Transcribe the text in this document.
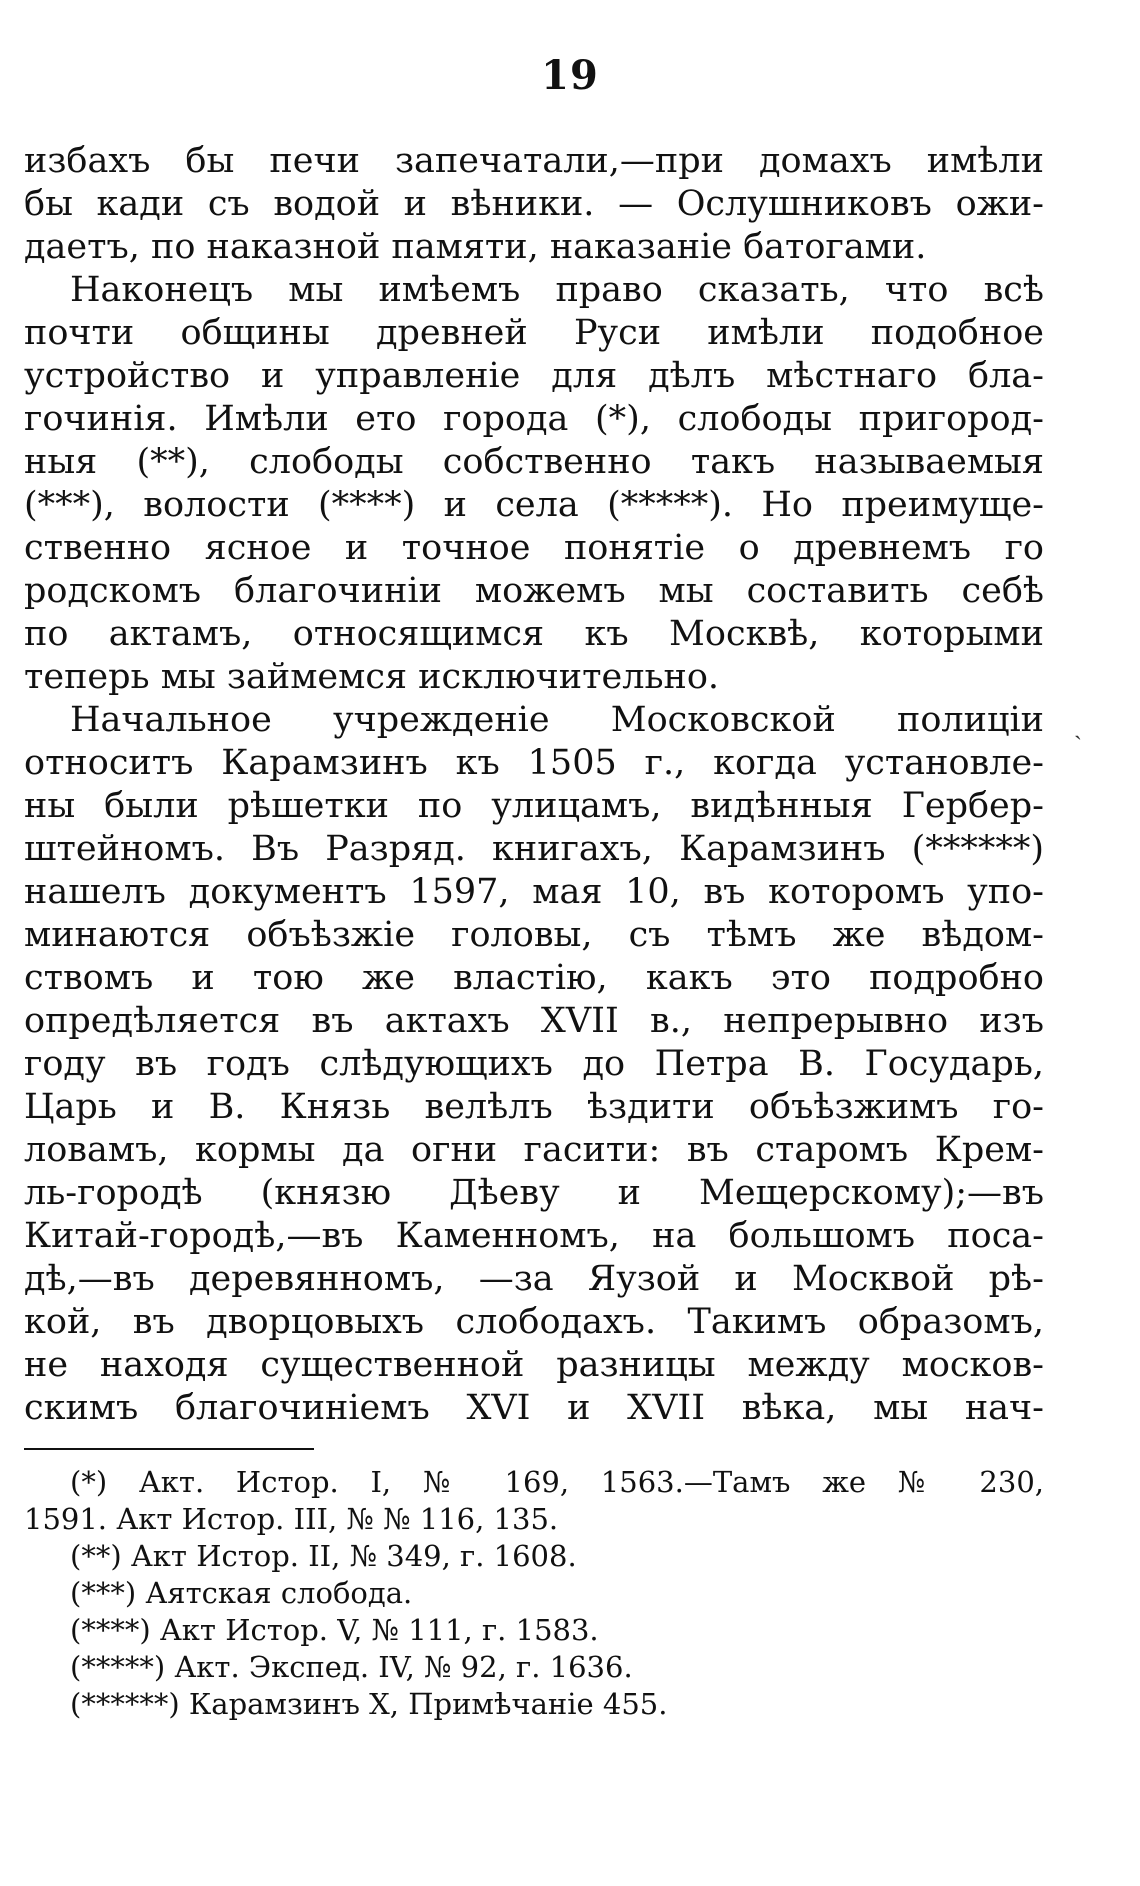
19
избахъ бы печи запечатали,—при домахъ имѣли
бы кади съ водой и вѣники. — Ослушниковъ ожи-
даетъ, по наказной памяти, наказаніе батогами.
Наконецъ мы имѣемъ право сказать, что всѣ
почти общины древней Руси имѣли подобное
устройство и управленіе для дѣлъ мѣстнаго бла-
гочинія. Имѣли ето города (*), слободы пригород-
ныя (**), слободы собственно такъ называемыя
(***), волости (****) и села (*****). Но преимуще-
ственно ясное и точное понятіе о древнемъ го
родскомъ благочиніи можемъ мы составить себѣ
по актамъ, относящимся къ Москвѣ, которыми
теперь мы займемся исключительно.
Начальное учрежденіе Московской полиціи
относитъ Карамзинъ къ 1505 г., когда установле-
ны были рѣшетки по улицамъ, видѣнныя Гербер-
штейномъ. Въ Разряд. книгахъ, Карамзинъ (******)
нашелъ документъ 1597, мая 10, въ которомъ упо-
минаются объѣзжіе головы, съ тѣмъ же вѣдом-
ствомъ и тою же властію, какъ это подробно
опредѣляется въ актахъ XVII в., непрерывно изъ
году въ годъ слѣдующихъ до Петра В. Государь,
Царь и В. Князь велѣлъ ѣздити объѣзжимъ го-
ловамъ, кормы да огни гасити: въ старомъ Крем-
ль-городѣ (князю Дѣеву и Мещерскому);—въ
Китай-городѣ,—въ Каменномъ, на большомъ поса-
дѣ,—въ деревянномъ, —за Яузой и Москвой рѣ-
кой, въ дворцовыхъ слободахъ. Такимъ образомъ,
не находя существенной разницы между москов-
скимъ благочиніемъ XVI и XVII вѣка, мы нач-
(*) Акт. Истор. I, № 169, 1563.—Тамъ же № 230,
1591. Акт Истор. III, № № 116, 135.
(**) Акт Истор. II, № 349, г. 1608.
(***) Аятская слобода.
(****) Акт Истор. V, № 111, г. 1583.
(*****) Акт. Экспед. IV, № 92, г. 1636.
(******) Карамзинъ X, Примѣчаніе 455.
ˎ
